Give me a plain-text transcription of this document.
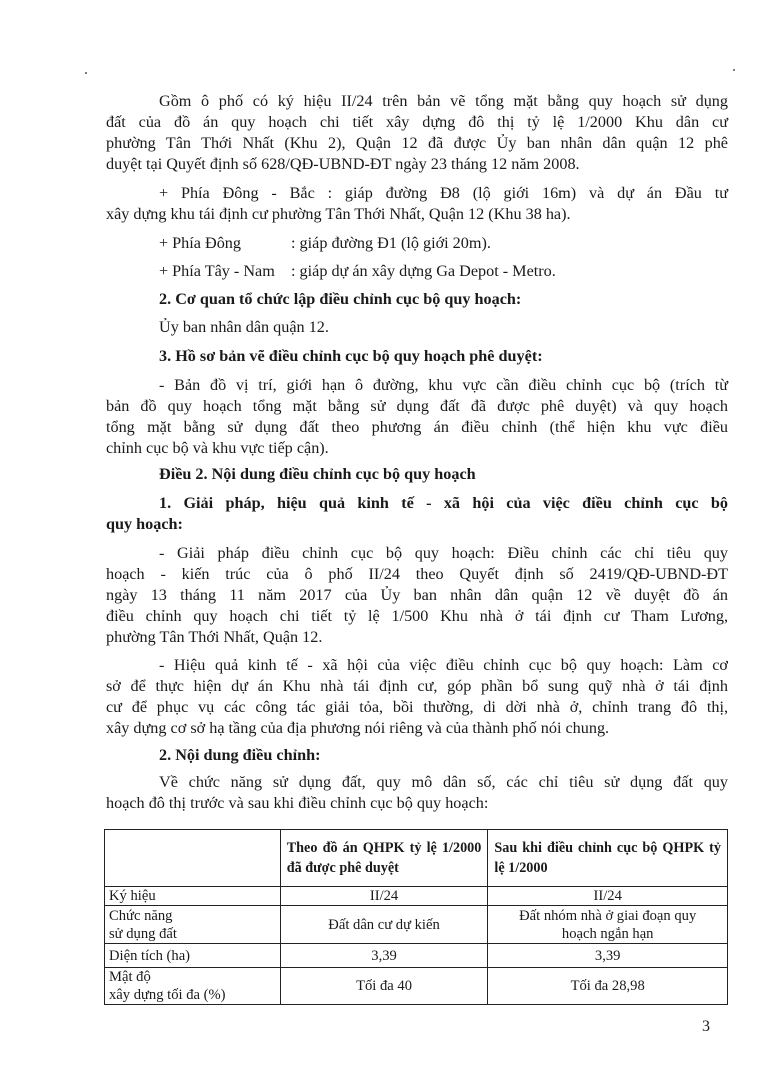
Gồm ô phố có ký hiệu II/24 trên bản vẽ tổng mặt bằng quy hoạch sử dụng
đất của đồ án quy hoạch chi tiết xây dựng đô thị tỷ lệ 1/2000 Khu dân cư
phường Tân Thới Nhất (Khu 2), Quận 12 đã được Ủy ban nhân dân quận 12 phê
duyệt tại Quyết định số 628/QĐ-UBND-ĐT ngày 23 tháng 12 năm 2008.
+ Phía Đông - Bắc : giáp đường Đ8 (lộ giới 16m) và dự án Đầu tư
xây dựng khu tái định cư phường Tân Thới Nhất, Quận 12 (Khu 38 ha).
+ Phía Đông	: giáp đường Đ1 (lộ giới 20m).
+ Phía Tây - Nam : giáp dự án xây dựng Ga Depot - Metro.
2. Cơ quan tổ chức lập điều chỉnh cục bộ quy hoạch:
Ủy ban nhân dân quận 12.
3. Hồ sơ bản vẽ điều chỉnh cục bộ quy hoạch phê duyệt:
- Bản đồ vị trí, giới hạn ô đường, khu vực cần điều chỉnh cục bộ (trích từ
bản đồ quy hoạch tổng mặt bằng sử dụng đất đã được phê duyệt) và quy hoạch
tổng mặt bằng sử dụng đất theo phương án điều chỉnh (thể hiện khu vực điều
chỉnh cục bộ và khu vực tiếp cận).
Điều 2. Nội dung điều chỉnh cục bộ quy hoạch
1. Giải pháp, hiệu quả kinh tế - xã hội của việc điều chỉnh cục bộ
quy hoạch:
- Giải pháp điều chỉnh cục bộ quy hoạch: Điều chỉnh các chỉ tiêu quy
hoạch - kiến trúc của ô phố II/24 theo Quyết định số 2419/QĐ-UBND-ĐT
ngày 13 tháng 11 năm 2017 của Ủy ban nhân dân quận 12 về duyệt đồ án
điều chỉnh quy hoạch chi tiết tỷ lệ 1/500 Khu nhà ở tái định cư Tham Lương,
phường Tân Thới Nhất, Quận 12.
- Hiệu quả kinh tế - xã hội của việc điều chỉnh cục bộ quy hoạch: Làm cơ
sở để thực hiện dự án Khu nhà tái định cư, góp phần bổ sung quỹ nhà ở tái định
cư để phục vụ các công tác giải tỏa, bồi thường, di dời nhà ở, chỉnh trang đô thị,
xây dựng cơ sở hạ tầng của địa phương nói riêng và của thành phố nói chung.
2. Nội dung điều chỉnh:
Về chức năng sử dụng đất, quy mô dân số, các chỉ tiêu sử dụng đất quy
hoạch đô thị trước và sau khi điều chỉnh cục bộ quy hoạch:
	Theo đồ án QHPK tỷ lệ 1/2000 đã được phê duyệt	Sau khi điều chỉnh cục bộ QHPK tỷ lệ 1/2000
Ký hiệu	II/24	II/24
Chức năng
sử dụng đất	Đất dân cư dự kiến	Đất nhóm nhà ở giai đoạn quy
hoạch ngắn hạn
Diện tích (ha)	3,39	3,39
Mật độ
xây dựng tối đa (%)	Tối đa 40	Tối đa 28,98
3
